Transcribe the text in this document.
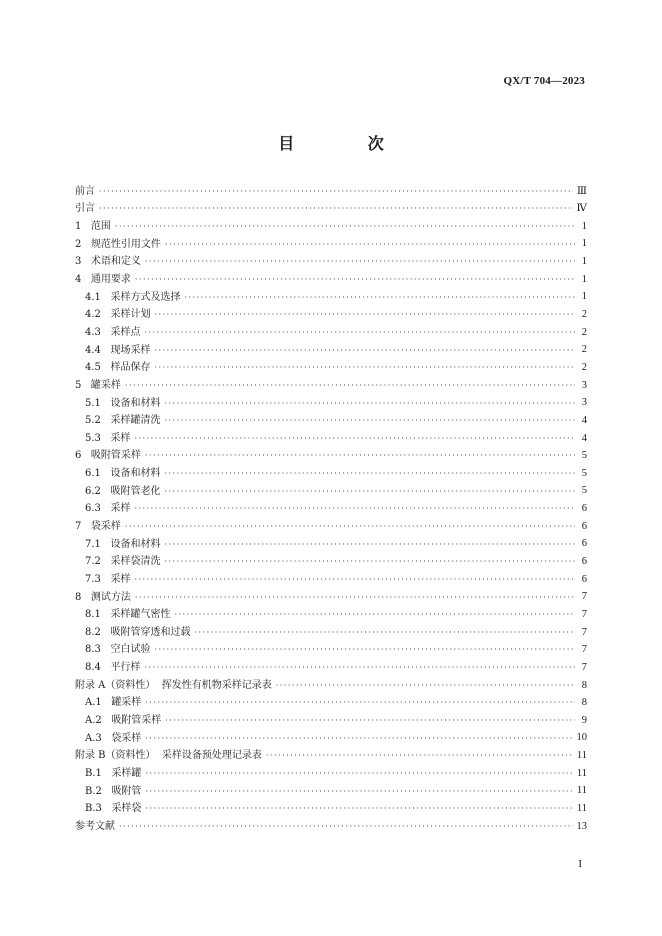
QX/T 704—2023
目 次
前言 ·····	Ⅲ
引言 ·····	Ⅳ
1 范围 ·····	1
2 规范性引用文件 ·····	1
3 术语和定义 ·····	1
4 通用要求 ·····	1
4.1 采样方式及选择 ·····	1
4.2 采样计划 ·····	2
4.3 采样点 ·····	2
4.4 现场采样 ·····	2
4.5 样品保存 ·····	2
5 罐采样 ·····	3
5.1 设备和材料 ·····	3
5.2 采样罐清洗 ·····	4
5.3 采样 ·····	4
6 吸附管采样 ·····	5
6.1 设备和材料 ·····	5
6.2 吸附管老化 ·····	5
6.3 采样 ·····	6
7 袋采样 ·····	6
7.1 设备和材料 ·····	6
7.2 采样袋清洗 ·····	6
7.3 采样 ·····	6
8 测试方法 ·····	7
8.1 采样罐气密性 ·····	7
8.2 吸附管穿透和过载 ·····	7
8.3 空白试验 ·····	7
8.4 平行样 ·····	7
附录 A（资料性）  挥发性有机物采样记录表 ·····	8
A.1 罐采样 ·····	8
A.2 吸附管采样 ·····	9
A.3 袋采样 ·····	10
附录 B（资料性）  采样设备预处理记录表 ·····	11
B.1 采样罐 ·····	11
B.2 吸附管 ·····	11
B.3 采样袋 ·····	11
参考文献 ·····	13
I
